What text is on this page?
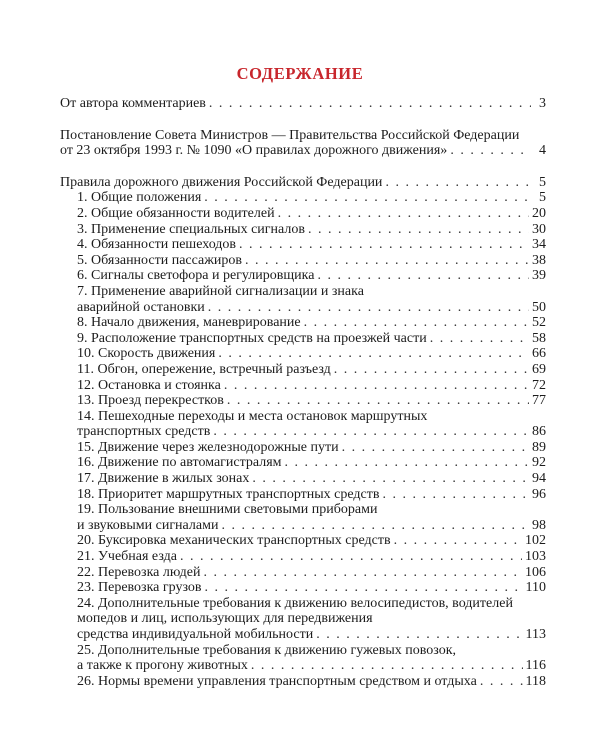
СОДЕРЖАНИЕ
От автора комментариев . . .	3
Постановление Совета Министров — Правительства Российской Федерации
от 23 октября 1993 г. № 1090 «О правилах дорожного движения» . . .	4
Правила дорожного движения Российской Федерации . . .	5
1. Общие положения . . .	5
2. Общие обязанности водителей . . .	20
3. Применение специальных сигналов . . .	30
4. Обязанности пешеходов . . .	34
5. Обязанности пассажиров . . .	38
6. Сигналы светофора и регулировщика . . .	39
7. Применение аварийной сигнализации и знака
аварийной остановки . . .	50
8. Начало движения, маневрирование . . .	52
9. Расположение транспортных средств на проезжей части . . .	58
10. Скорость движения . . .	66
11. Обгон, опережение, встречный разъезд . . .	69
12. Остановка и стоянка . . .	72
13. Проезд перекрестков . . .	77
14. Пешеходные переходы и места остановок маршрутных
транспортных средств . . .	86
15. Движение через железнодорожные пути . . .	89
16. Движение по автомагистралям . . .	92
17. Движение в жилых зонах . . .	94
18. Приоритет маршрутных транспортных средств . . .	96
19. Пользование внешними световыми приборами
и звуковыми сигналами . . .	98
20. Буксировка механических транспортных средств . . .	102
21. Учебная езда . . .	103
22. Перевозка людей . . .	106
23. Перевозка грузов . . .	110
24. Дополнительные требования к движению велосипедистов, водителей мопедов и лиц, использующих для передвижения
средства индивидуальной мобильности . . .	113
25. Дополнительные требования к движению гужевых повозок,
а также к прогону животных . . .	116
26. Нормы времени управления транспортным средством и отдыха . . .	118
